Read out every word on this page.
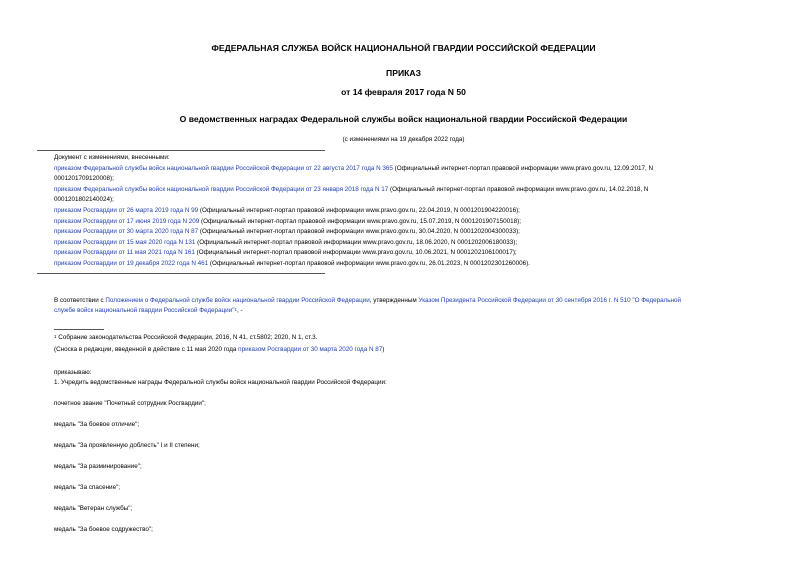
ФЕДЕРАЛЬНАЯ СЛУЖБА ВОЙСК НАЦИОНАЛЬНОЙ ГВАРДИИ РОССИЙСКОЙ ФЕДЕРАЦИИ
ПРИКАЗ
от 14 февраля 2017 года N 50
О ведомственных наградах Федеральной службы войск национальной гвардии Российской Федерации
(с изменениями на 19 декабря 2022 года)
Документ с изменениями, внесенными:
приказом Федеральной службы войск национальной гвардии Российской Федерации от 22 августа 2017 года N 365 (Официальный интернет-портал правовой информации www.pravo.gov.ru, 12.09.2017, N
0001201709120008);
приказом Федеральной службы войск национальной гвардии Российской Федерации от 23 января 2018 года N 17 (Официальный интернет-портал правовой информации www.pravo.gov.ru, 14.02.2018, N
0001201802140024);
приказом Росгвардии от 26 марта 2019 года N 99 (Официальный интернет-портал правовой информации www.pravo.gov.ru, 22.04.2019, N 0001201904220016);
приказом Росгвардии от 17 июня 2019 года N 209 (Официальный интернет-портал правовой информации www.pravo.gov.ru, 15.07.2019, N 0001201907150018);
приказом Росгвардии от 30 марта 2020 года N 87 (Официальный интернет-портал правовой информации www.pravo.gov.ru, 30.04.2020, N 0001202004300033);
приказом Росгвардии от 15 мая 2020 года N 131 (Официальный интернет-портал правовой информации www.pravo.gov.ru, 18.06.2020, N 0001202006180033);
приказом Росгвардии от 11 мая 2021 года N 161 (Официальный интернет-портал правовой информации www.pravo.gov.ru, 10.06.2021, N 0001202106100017);
приказом Росгвардии от 19 декабря 2022 года N 461 (Официальный интернет-портал правовой информации www.pravo.gov.ru, 26.01.2023, N 0001202301260006).
В соответствии с Положением о Федеральной службе войск национальной гвардии Российской Федерации, утвержденным Указом Президента Российской Федерации от 30 сентября 2016 г. N 510 "О Федеральной
службе войск национальной гвардии Российской Федерации"$^1$, -
$^1$ Собрание законодательства Российской Федерации, 2016, N 41, ст.5802; 2020, N 1, ст.3.
(Сноска в редакции, введенной в действие с 11 мая 2020 года приказом Росгвардии от 30 марта 2020 года N 87)
приказываю:
1. Учредить ведомственные награды Федеральной службы войск национальной гвардии Российской Федерации:
почетное звание "Почетный сотрудник Росгвардии";
медаль "За боевое отличие";
медаль "За проявленную доблесть" I и II степени;
медаль "За разминирование";
медаль "За спасение";
медаль "Ветеран службы";
медаль "За боевое содружество";
